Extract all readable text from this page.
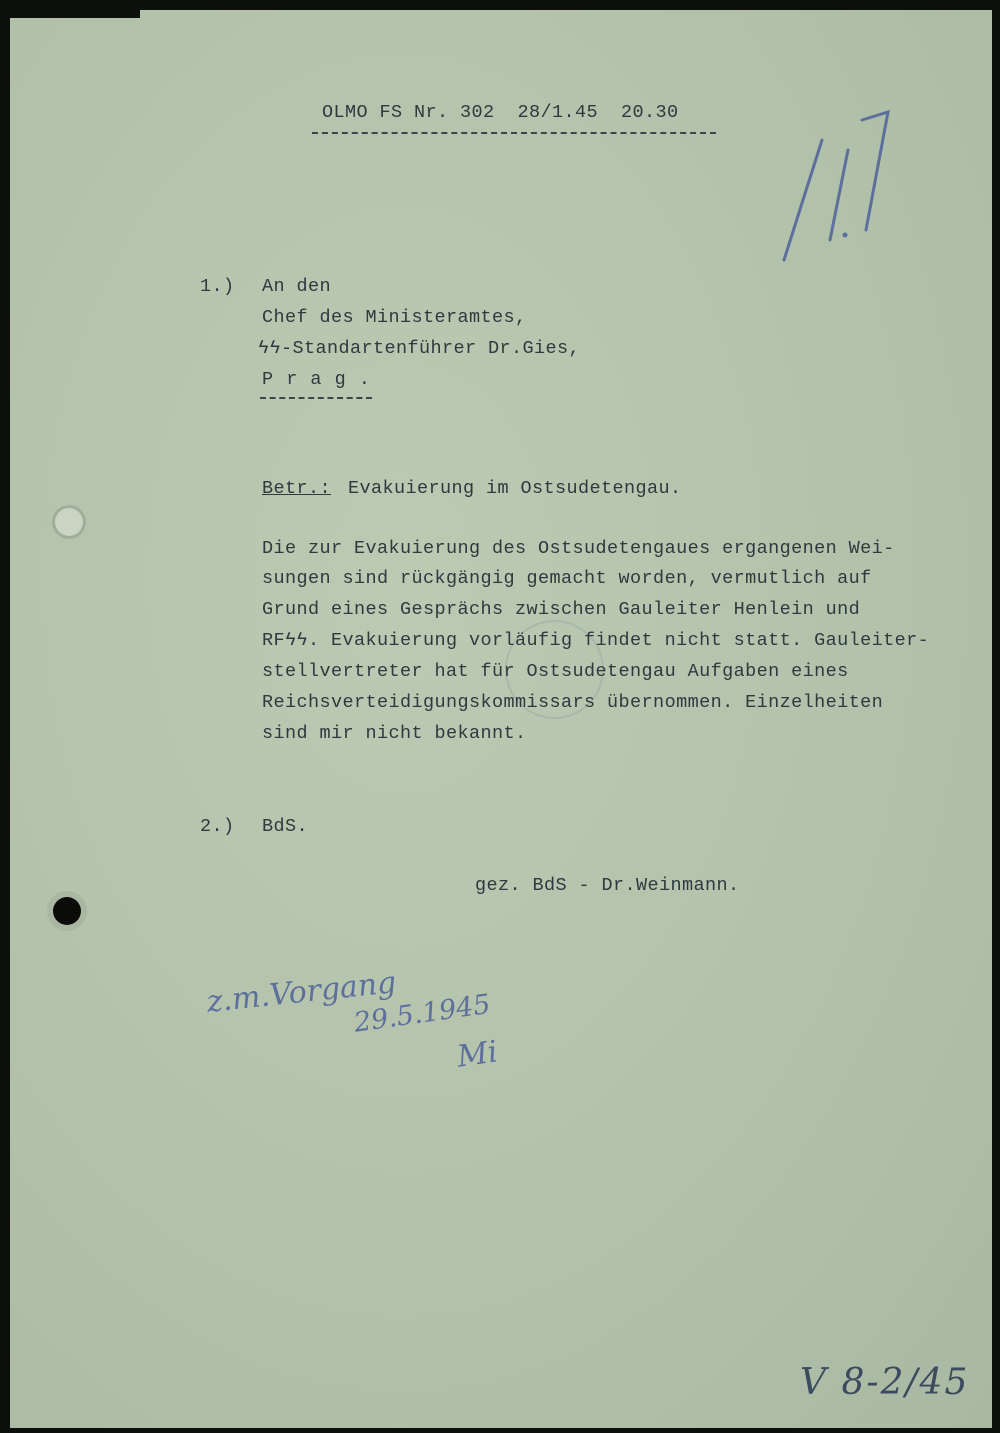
OLMO FS Nr. 302  28/1.45  20.30
1.) An den
Chef des Ministeramtes,
ϟϟ-Standartenführer Dr.Gies,
P r a g .
Betr.: Evakuierung im Ostsudetengau.
Die zur Evakuierung des Ostsudetengaues ergangenen Wei-
sungen sind rückgängig gemacht worden, vermutlich auf
Grund eines Gesprächs zwischen Gauleiter Henlein und
RFϟϟ. Evakuierung vorläufig findet nicht statt. Gauleiter-
stellvertreter hat für Ostsudetengau Aufgaben eines
Reichsverteidigungskommissars übernommen. Einzelheiten
sind mir nicht bekannt.
2.) BdS.
gez. BdS - Dr.Weinmann.
z.m.Vorgang
29.5.1945
Mi
V 8-2/45
